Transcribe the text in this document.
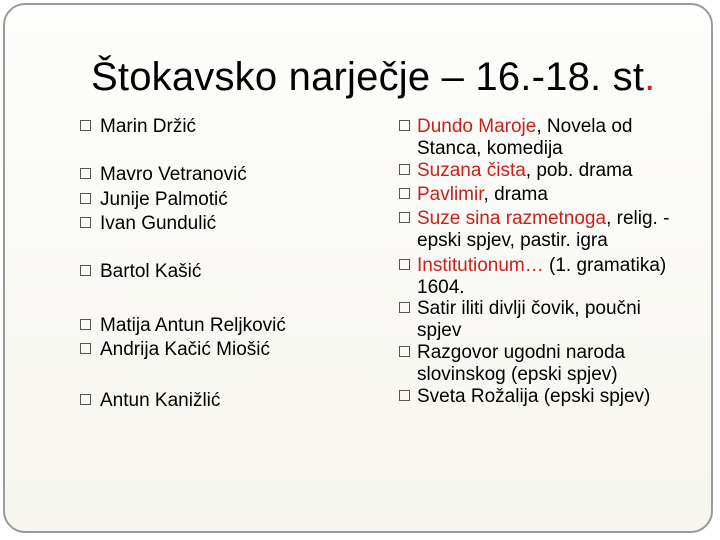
Štokavsko narječje – 16.-18. st.
Marin Držić
Mavro Vetranović
Junije Palmotić
Ivan Gundulić
Bartol Kašić
Matija Antun Reljković
Andrija Kačić Miošić
Antun Kanižlić
Dundo Maroje, Novela od Stanca, komedija
Suzana čista, pob. drama
Pavlimir, drama
Suze sina razmetnoga, relig. -epski spjev, pastir. igra
Institutionum… (1. gramatika) 1604.
Satir iliti divlji čovik, poučni spjev
Razgovor ugodni naroda slovinskog (epski spjev)
Sveta Rožalija (epski spjev)
